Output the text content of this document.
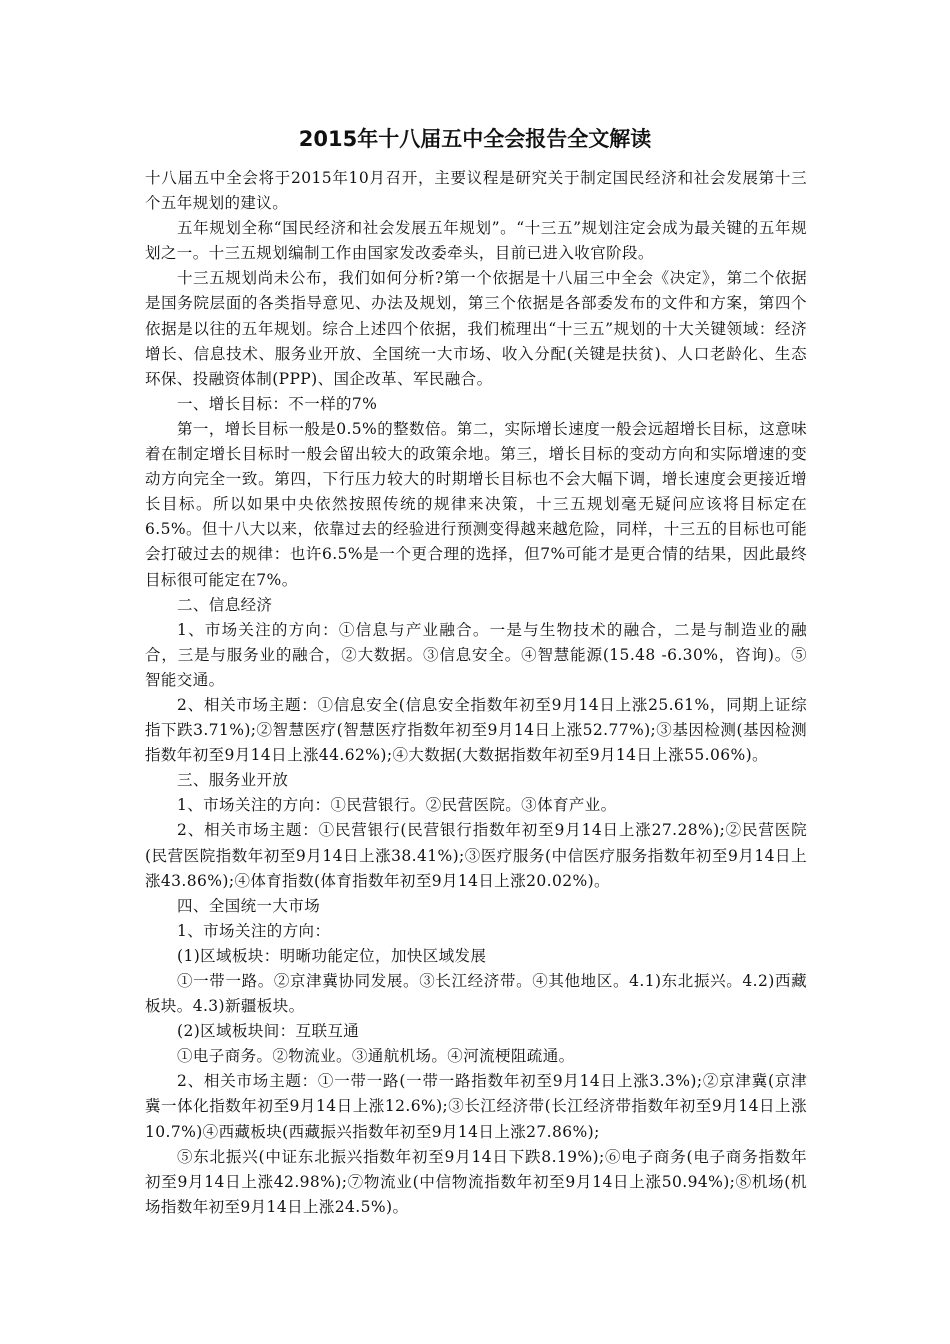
2015年十八届五中全会报告全文解读

十八届五中全会将于2015年10月召开，主要议程是研究关于制定国民经济和社会发展第十三个五年规划的建议。

五年规划全称“国民经济和社会发展五年规划”。“十三五”规划注定会成为最关键的五年规划之一。十三五规划编制工作由国家发改委牵头，目前已进入收官阶段。

十三五规划尚未公布，我们如何分析?第一个依据是十八届三中全会《决定》，第二个依据是国务院层面的各类指导意见、办法及规划，第三个依据是各部委发布的文件和方案，第四个依据是以往的五年规划。综合上述四个依据，我们梳理出“十三五”规划的十大关键领域：经济增长、信息技术、服务业开放、全国统一大市场、收入分配(关键是扶贫)、人口老龄化、生态环保、投融资体制(PPP)、国企改革、军民融合。

一、增长目标：不一样的7%

第一，增长目标一般是0.5%的整数倍。第二，实际增长速度一般会远超增长目标，这意味着在制定增长目标时一般会留出较大的政策余地。第三，增长目标的变动方向和实际增速的变动方向完全一致。第四，下行压力较大的时期增长目标也不会大幅下调，增长速度会更接近增长目标。所以如果中央依然按照传统的规律来决策，十三五规划毫无疑问应该将目标定在6.5%。但十八大以来，依靠过去的经验进行预测变得越来越危险，同样，十三五的目标也可能会打破过去的规律：也许6.5%是一个更合理的选择，但7%可能才是更合情的结果，因此最终目标很可能定在7%。

二、信息经济

1、市场关注的方向：①信息与产业融合。一是与生物技术的融合，二是与制造业的融合，三是与服务业的融合，②大数据。③信息安全。④智慧能源(15.48 -6.30%，咨询)。⑤智能交通。

2、相关市场主题：①信息安全(信息安全指数年初至9月14日上涨25.61%，同期上证综指下跌3.71%);②智慧医疗(智慧医疗指数年初至9月14日上涨52.77%);③基因检测(基因检测指数年初至9月14日上涨44.62%);④大数据(大数据指数年初至9月14日上涨55.06%)。

三、服务业开放

1、市场关注的方向：①民营银行。②民营医院。③体育产业。

2、相关市场主题：①民营银行(民营银行指数年初至9月14日上涨27.28%);②民营医院(民营医院指数年初至9月14日上涨38.41%);③医疗服务(中信医疗服务指数年初至9月14日上涨43.86%);④体育指数(体育指数年初至9月14日上涨20.02%)。

四、全国统一大市场

1、市场关注的方向：

(1)区域板块：明晰功能定位，加快区域发展

①一带一路。②京津冀协同发展。③长江经济带。④其他地区。4.1)东北振兴。4.2)西藏板块。4.3)新疆板块。

(2)区域板块间：互联互通

①电子商务。②物流业。③通航机场。④河流梗阻疏通。

2、相关市场主题：①一带一路(一带一路指数年初至9月14日上涨3.3%);②京津冀(京津冀一体化指数年初至9月14日上涨12.6%);③长江经济带(长江经济带指数年初至9月14日上涨10.7%)④西藏板块(西藏振兴指数年初至9月14日上涨27.86%);

⑤东北振兴(中证东北振兴指数年初至9月14日下跌8.19%);⑥电子商务(电子商务指数年初至9月14日上涨42.98%);⑦物流业(中信物流指数年初至9月14日上涨50.94%);⑧机场(机场指数年初至9月14日上涨24.5%)。
